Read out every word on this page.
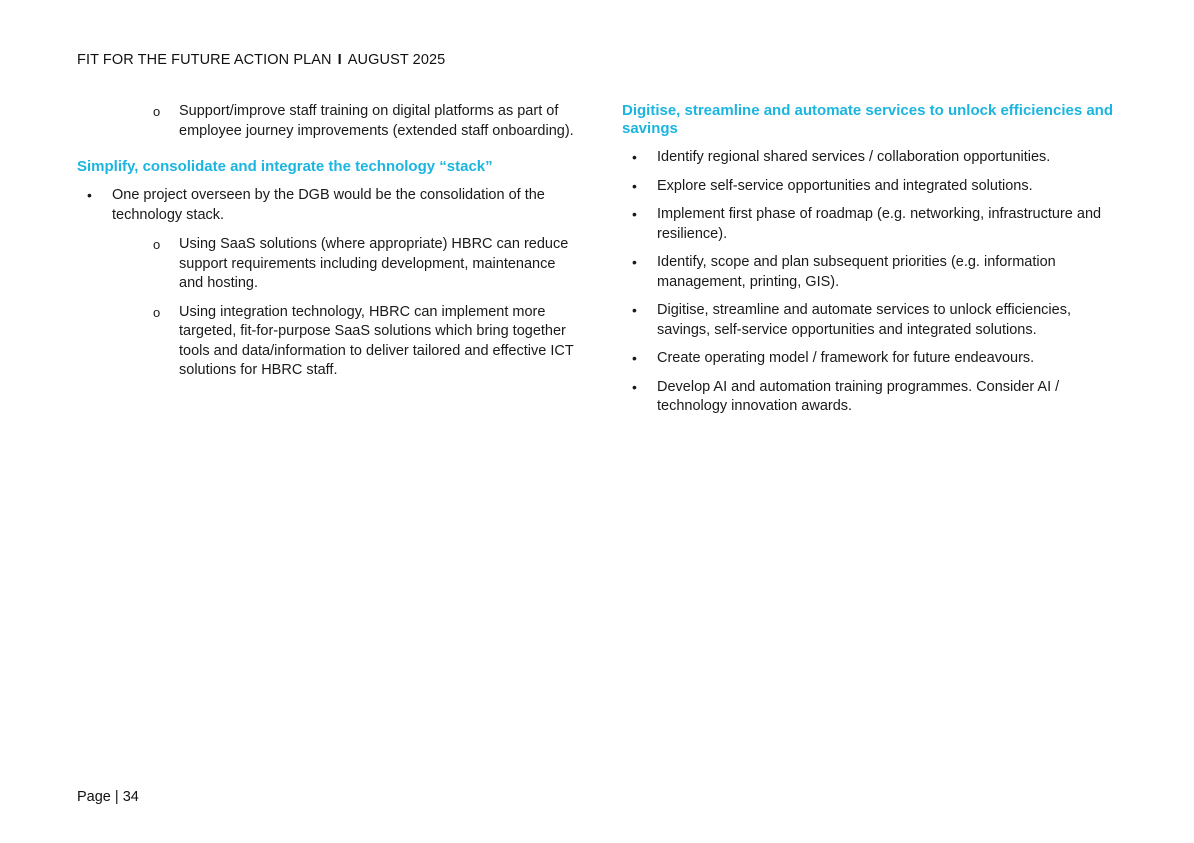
FIT FOR THE FUTURE ACTION PLAN I AUGUST 2025
o Support/improve staff training on digital platforms as part of employee journey improvements (extended staff onboarding).
Simplify, consolidate and integrate the technology “stack”
• One project overseen by the DGB would be the consolidation of the technology stack.
o Using SaaS solutions (where appropriate) HBRC can reduce support requirements including development, maintenance and hosting.
o Using integration technology, HBRC can implement more targeted, fit-for-purpose SaaS solutions which bring together tools and data/information to deliver tailored and effective ICT solutions for HBRC staff.
Digitise, streamline and automate services to unlock efficiencies and savings
• Identify regional shared services / collaboration opportunities.
• Explore self-service opportunities and integrated solutions.
• Implement first phase of roadmap (e.g. networking, infrastructure and resilience).
• Identify, scope and plan subsequent priorities (e.g. information management, printing, GIS).
• Digitise, streamline and automate services to unlock efficiencies, savings, self-service opportunities and integrated solutions.
• Create operating model / framework for future endeavours.
• Develop AI and automation training programmes. Consider AI / technology innovation awards.
Page | 34
